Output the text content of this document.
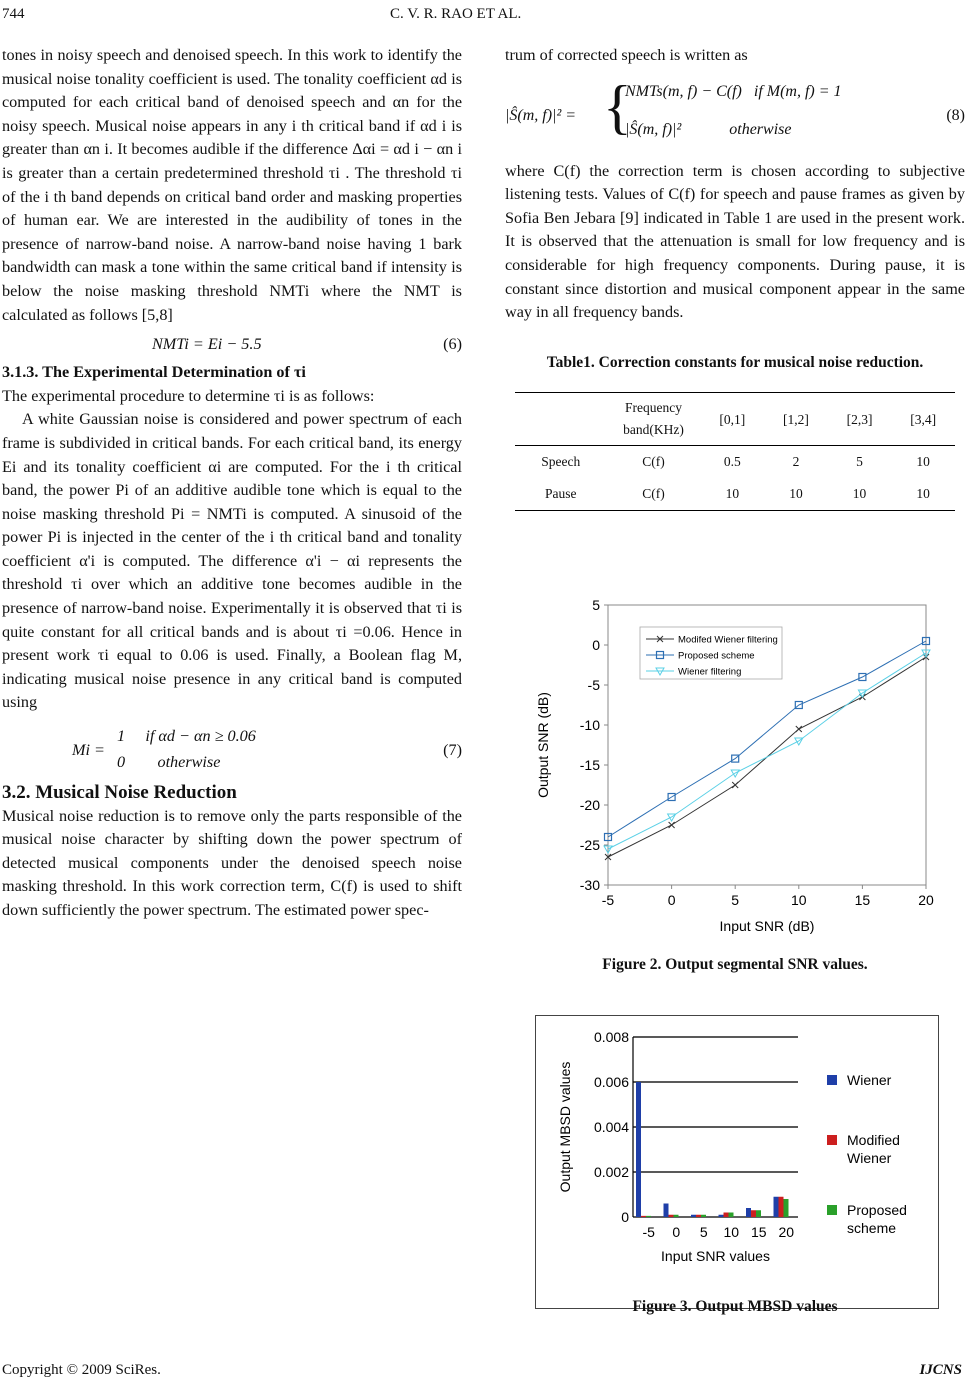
744	C. V. R. RAO ET AL.

tones in noisy speech and denoised speech. In this work to identify the musical noise tonality coefficient is used. The tonality coefficient αd is computed for each critical band of denoised speech and αn for the noisy speech. Musical noise appears in any i th critical band if αd i is greater than αn i. It becomes audible if the difference Δαi = αd i − αn i is greater than a certain predetermined threshold τi . The threshold τi of the i th band depends on critical band order and masking properties of human ear. We are interested in the audibility of tones in the presence of narrow-band noise. A narrow-band noise having 1 bark bandwidth can mask a tone within the same critical band if intensity is below the noise masking threshold NMTi where the NMT is calculated as follows [5,8]

NMTi = Ei − 5.5	(6)

3.1.3. The Experimental Determination of τi

The experimental procedure to determine τi is as follows:

A white Gaussian noise is considered and power spectrum of each frame is subdivided in critical bands. For each critical band, its energy Ei and its tonality coefficient αi are computed. For the i th critical band, the power Pi of an additive audible tone which is equal to the noise masking threshold Pi = NMTi is computed. A sinusoid of the power Pi is injected in the center of the i th critical band and tonality coefficient α'i is computed. The difference α'i − αi represents the threshold τi over which an additive tone becomes audible in the presence of narrow-band noise. Experimentally it is observed that τi is quite constant for all critical bands and is about τi =0.06. Hence in present work τi equal to 0.06 is used. Finally, a Boolean flag M, indicating musical noise presence in any critical band is computed using

Mi =
1     if αd − αn ≥ 0.06
0        otherwise
(7)

3.2. Musical Noise Reduction

Musical noise reduction is to remove only the parts responsible of the musical noise character by shifting down the power spectrum of detected musical components under the denoised speech noise masking threshold. In this work correction term, C(f) is used to shift down sufficiently the power spectrum. The estimated power spec-

trum of corrected speech is written as

|Ŝ(m, f)|² = {
NMTs(m, f) − C(f)   if M(m, f) = 1
|Ŝ(m, f)|²            otherwise
(8)

where C(f) the correction term is chosen according to subjective listening tests. Values of C(f) for speech and pause frames as given by Sofia Ben Jebara [9] indicated in Table 1 are used in the present work. It is observed that the attenuation is small for low frequency and is considerable for high frequency components. During pause, it is constant since distortion and musical component appear in the same way in all frequency bands.

Table1. Correction constants for musical noise reduction.

	Frequency band(KHz)	[0,1]	[1,2]	[2,3]	[3,4]
Speech	C(f)	0.5	2	5	10
Pause	C(f)	10	10	10	10
5
0
-5
-10
-15
-20
-25
-30
-5	0	5	10	15	20
Input SNR (dB)
Output SNR (dB)
Modifed Wiener filtering
Proposed scheme
Wiener filtering
Figure 2. Output segmental SNR values.
0.008
0.006
0.004
0.002
0
-5 0 5 10 15 20
Input SNR values
Output MBSD values	Wiener
Modified
Wiener
Proposed
scheme
Figure 3. Output MBSD values
Copyright © 2009 SciRes.	IJCNS
